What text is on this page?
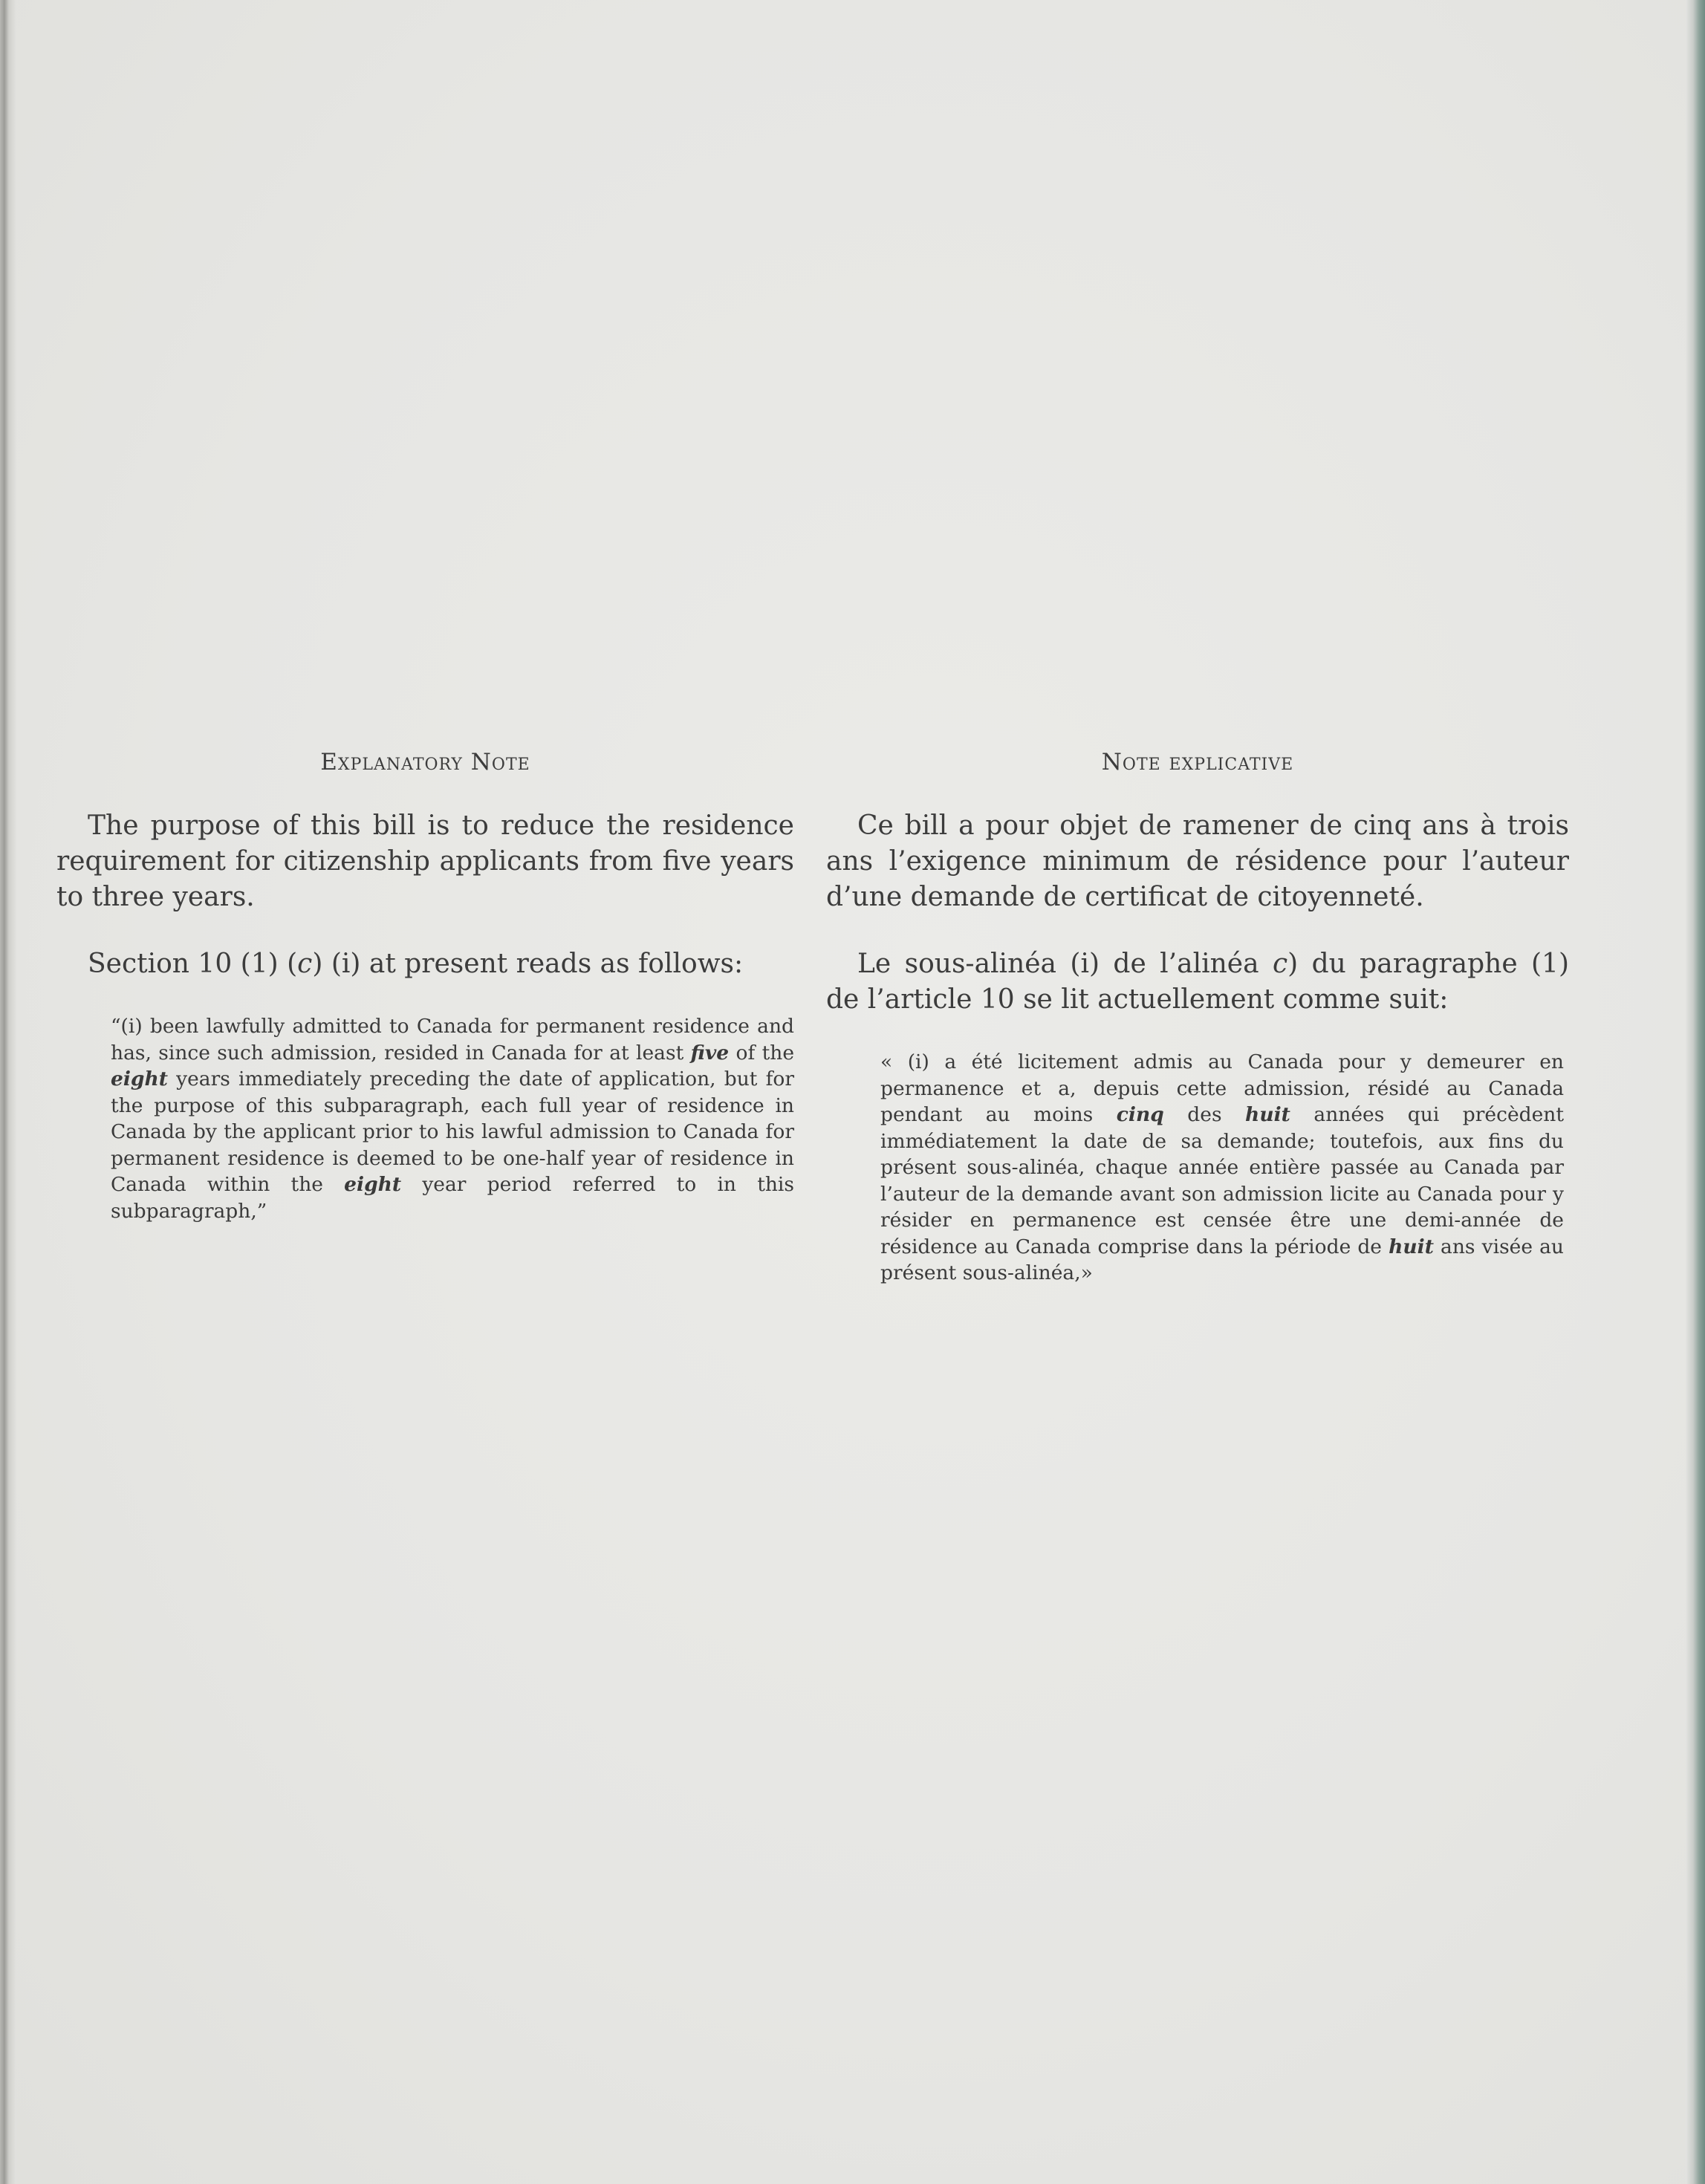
Explanatory Note

The purpose of this bill is to reduce the residence requirement for citizenship applicants from five years to three years.

Section 10 (1) (c) (i) at present reads as follows:

“(i) been lawfully admitted to Canada for permanent residence and has, since such admission, resided in Canada for at least five of the eight years immediately preceding the date of application, but for the purpose of this subparagraph, each full year of residence in Canada by the applicant prior to his lawful admission to Canada for permanent residence is deemed to be one-half year of residence in Canada within the eight year period referred to in this subparagraph,”

Note explicative

Ce bill a pour objet de ramener de cinq ans à trois ans l’exigence minimum de résidence pour l’auteur d’une demande de certificat de citoyenneté.

Le sous-alinéa (i) de l’alinéa c) du paragraphe (1) de l’article 10 se lit actuellement comme suit:

« (i) a été licitement admis au Canada pour y demeurer en permanence et a, depuis cette admission, résidé au Canada pendant au moins cinq des huit années qui précèdent immédiatement la date de sa demande; toutefois, aux fins du présent sous-alinéa, chaque année entière passée au Canada par l’auteur de la demande avant son admission licite au Canada pour y résider en permanence est censée être une demi-année de résidence au Canada comprise dans la période de huit ans visée au présent sous-alinéa,»
